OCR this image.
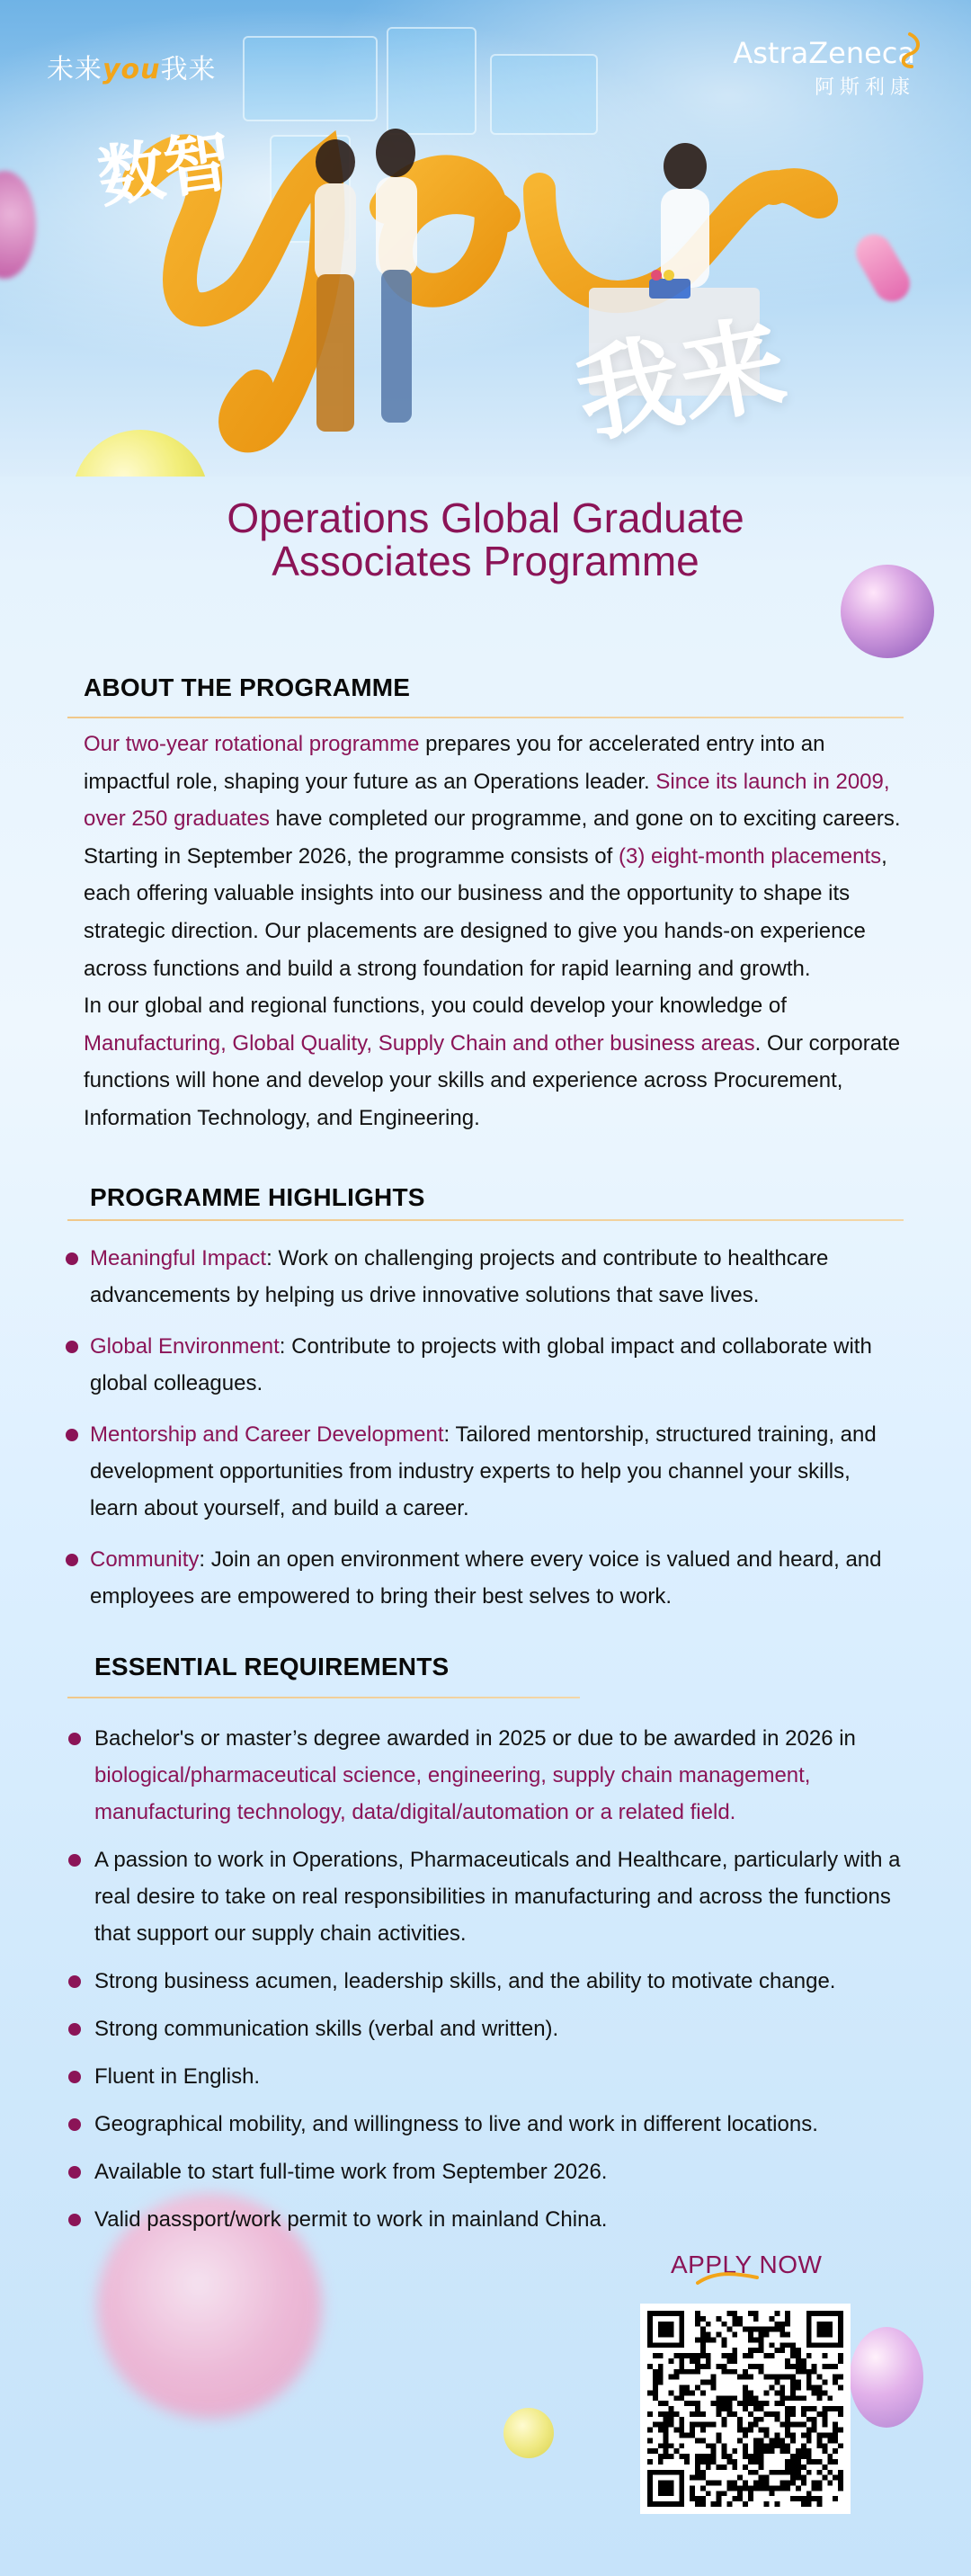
未来you我来	AstraZeneca
阿斯利康
数智
我来
Operations Global Graduate
Associates Programme
ABOUT THE PROGRAMME
Our two-year rotational programme prepares you for accelerated entry into an impactful role, shaping your future as an Operations leader. Since its launch in 2009, over 250 graduates have completed our programme, and gone on to exciting careers. Starting in September 2026, the programme consists of (3) eight-month placements, each offering valuable insights into our business and the opportunity to shape its strategic direction. Our placements are designed to give you hands-on experience across functions and build a strong foundation for rapid learning and growth.
In our global and regional functions, you could develop your knowledge of Manufacturing, Global Quality, Supply Chain and other business areas. Our corporate functions will hone and develop your skills and experience across Procurement, Information Technology, and Engineering.
PROGRAMME HIGHLIGHTS
Meaningful Impact: Work on challenging projects and contribute to healthcare advancements by helping us drive innovative solutions that save lives.
Global Environment: Contribute to projects with global impact and collaborate with global colleagues.
Mentorship and Career Development: Tailored mentorship, structured training, and development opportunities from industry experts to help you channel your skills, learn about yourself, and build a career.
Community: Join an open environment where every voice is valued and heard, and employees are empowered to bring their best selves to work.
ESSENTIAL REQUIREMENTS
Bachelor's or master’s degree awarded in 2025 or due to be awarded in 2026 in biological/pharmaceutical science, engineering, supply chain management, manufacturing technology, data/digital/automation or a related field.
A passion to work in Operations, Pharmaceuticals and Healthcare, particularly with a real desire to take on real responsibilities in manufacturing and across the functions that support our supply chain activities.
Strong business acumen, leadership skills, and the ability to motivate change.
Strong communication skills (verbal and written).
Fluent in English.
Geographical mobility, and willingness to live and work in different locations.
Available to start full-time work from September 2026.
Valid passport/work permit to work in mainland China.
APPLY NOW
